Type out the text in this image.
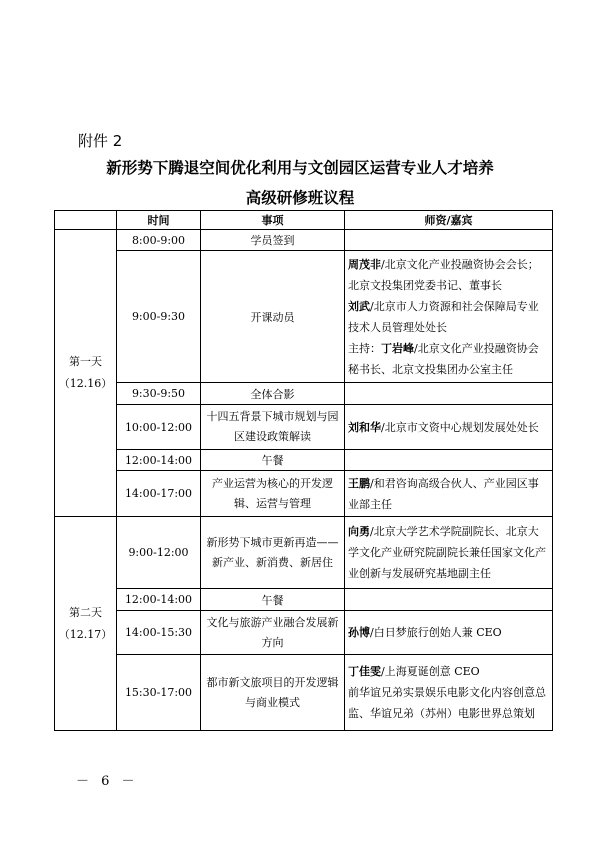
附件 2
新形势下腾退空间优化利用与文创园区运营专业人才培养
高级研修班议程
	时间	事项	师资/嘉宾

第一天
（12.16）	8:00-9:00	学员签到	
	9:00-9:30	开课动员	周茂非/北京文化产业投融资协会会长；北京文投集团党委书记、董事长
刘武/北京市人力资源和社会保障局专业技术人员管理处处长
主持：丁岩峰/北京文化产业投融资协会秘书长、北京文投集团办公室主任

	9:30-9:50	全体合影	
	10:00-12:00	十四五背景下城市规划与园区建设政策解读	刘和华/北京市文资中心规划发展处处长
	12:00-14:00	午餐	
	14:00-17:00	产业运营为核心的开发逻辑、运营与管理	王鹏/和君咨询高级合伙人、产业园区事业部主任

第二天
（12.17）	9:00-12:00	新形势下城市更新再造——新产业、新消费、新居住	向勇/北京大学艺术学院副院长、北京大学文化产业研究院副院长兼任国家文化产业创新与发展研究基地副主任
	12:00-14:00	午餐	
	14:00-15:30	文化与旅游产业融合发展新方向	孙博/白日梦旅行创始人兼 CEO
	15:30-17:00	都市新文旅项目的开发逻辑与商业模式	丁佳雯/上海夏诞创意 CEO
前华谊兄弟实景娱乐电影文化内容创意总监、华谊兄弟（苏州）电影世界总策划
－ 6 －
